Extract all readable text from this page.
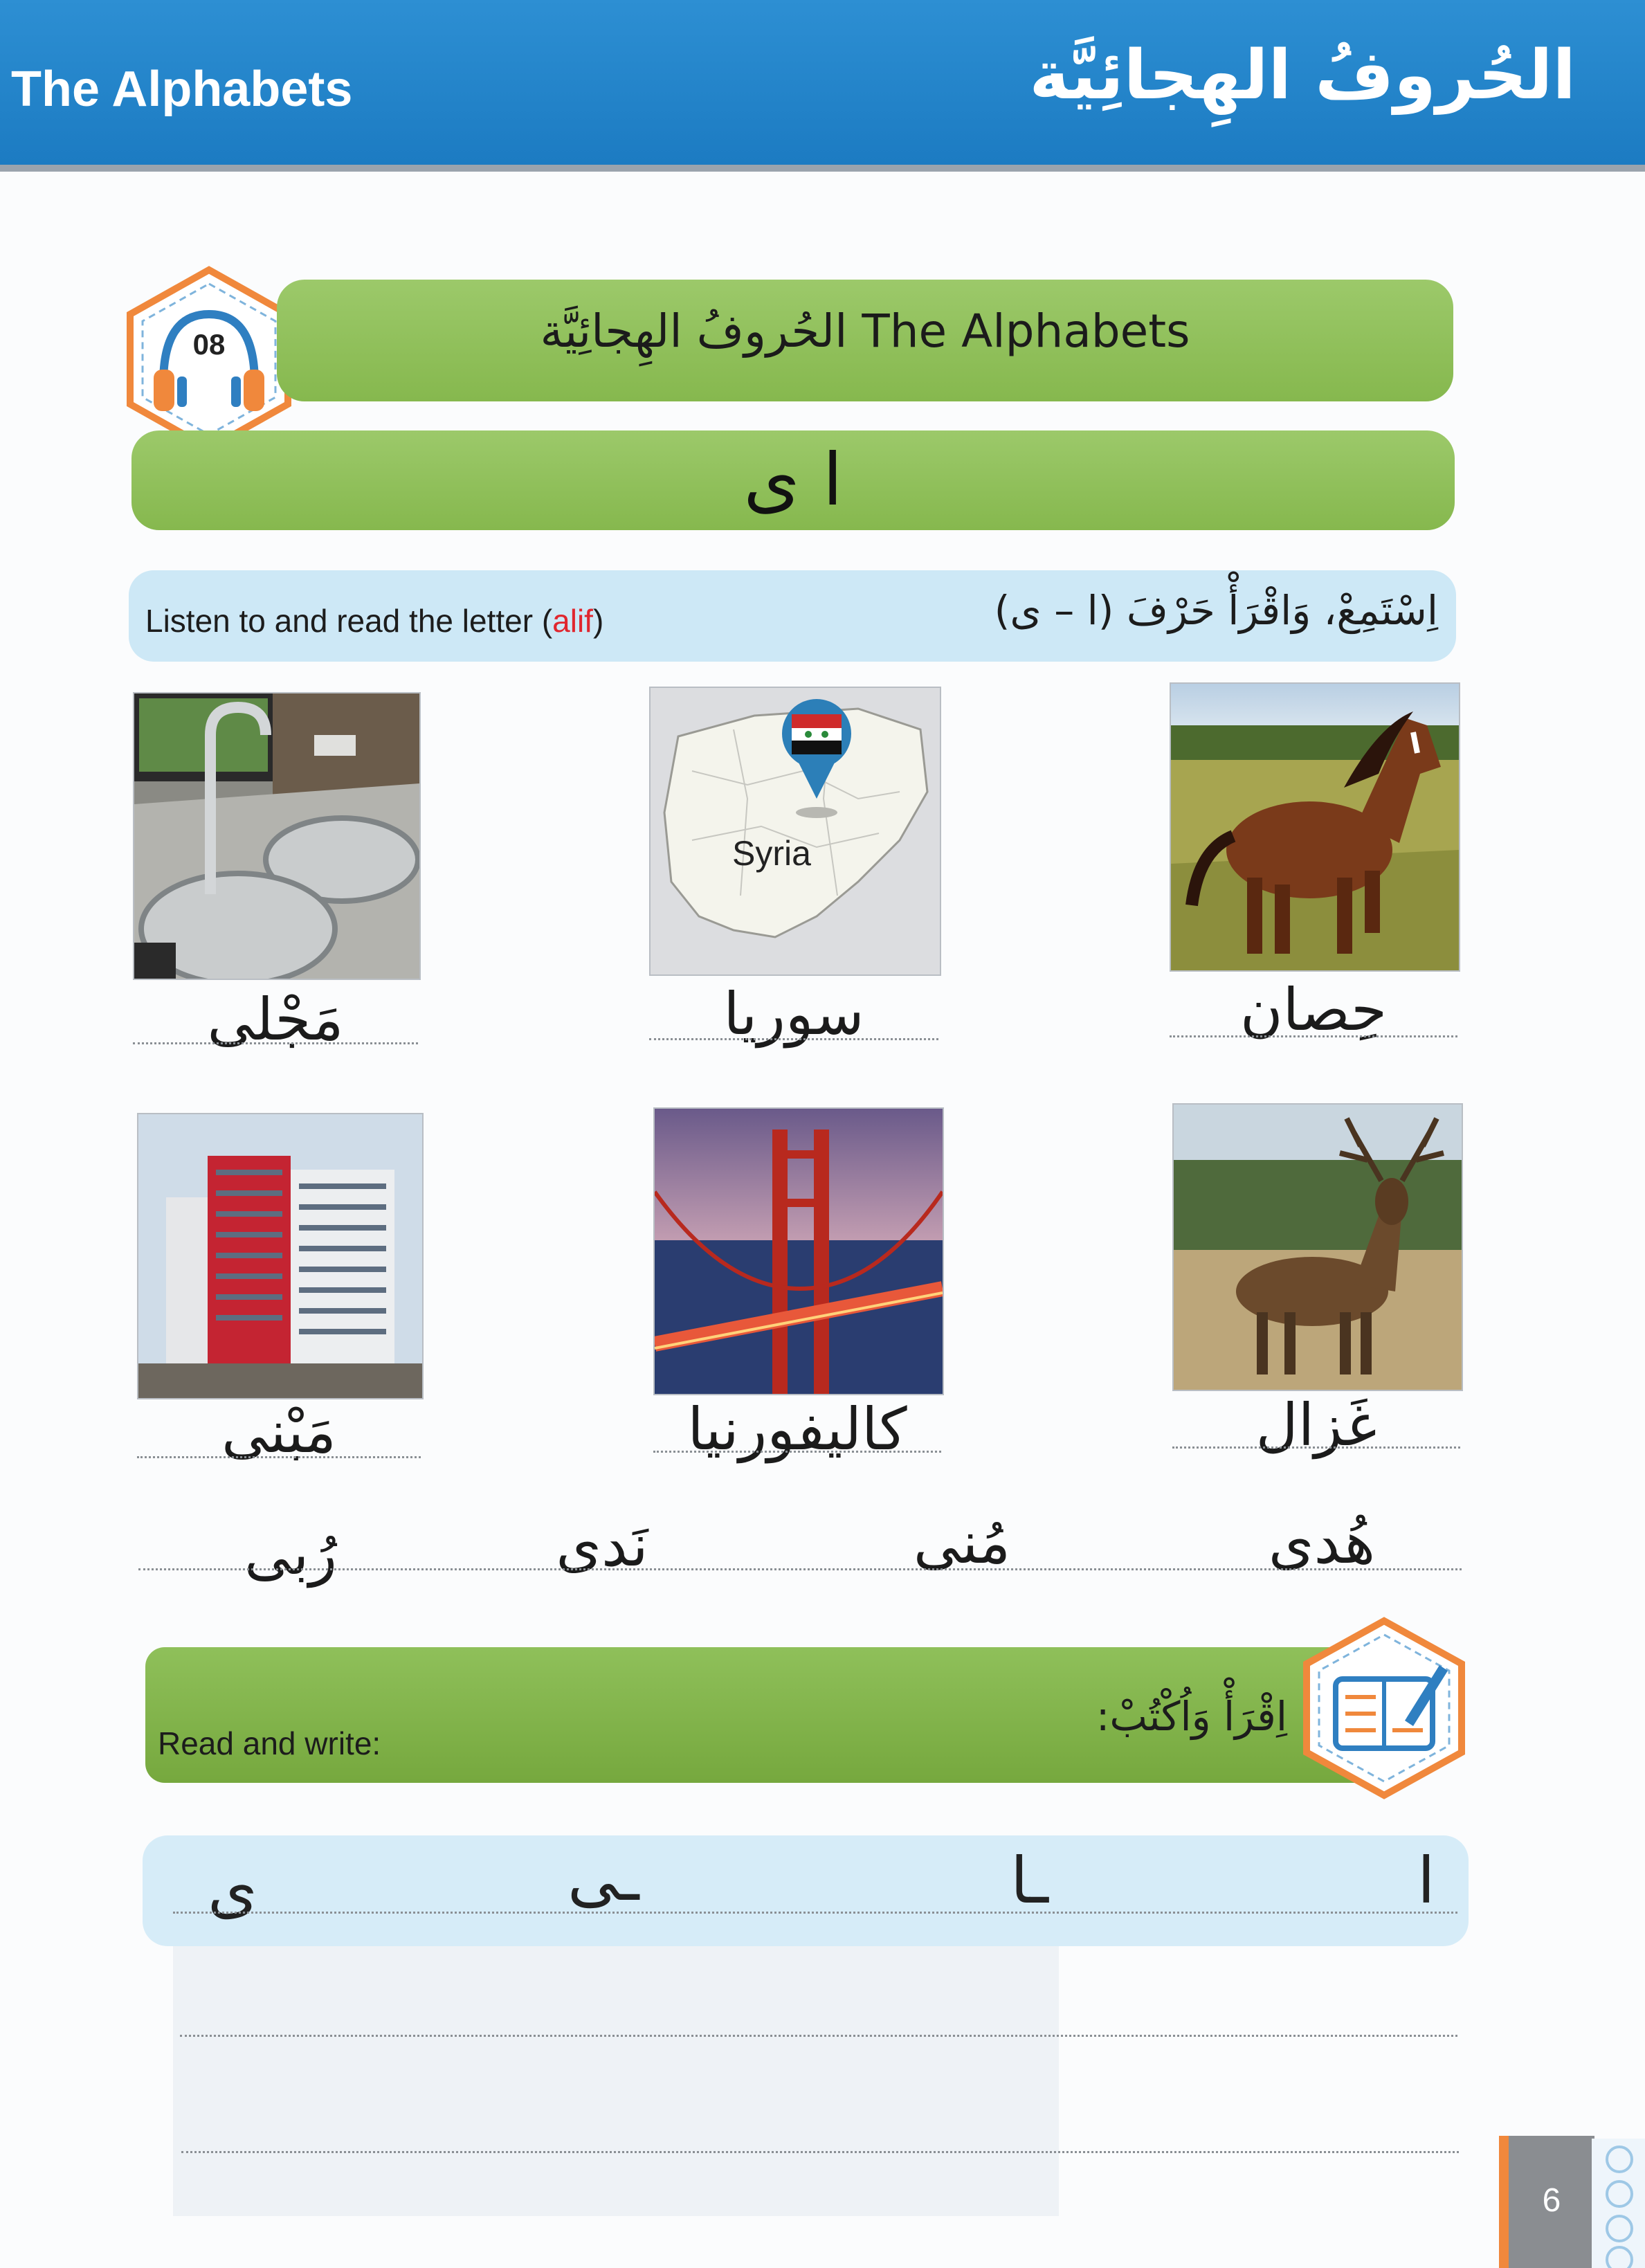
The Alphabets	الحُروفُ الهِجائِيَّة
08	The Alphabets الحُروفُ الهِجائِيَّة
ا ى
Listen to and read the letter (alif)	اِسْتَمِعْ، وَاقْرَأْ حَرْفَ (ا – ى)
حِصان
Syria
سوريا
مَجْلى
غَزال
كاليفورنيا
مَبْنى
هُدى
مُنى
نَدى
رُبى
Read and write:
اِقْرَأْ وَاُكْتُبْ:
ا
ـا
ـى
ى
6
